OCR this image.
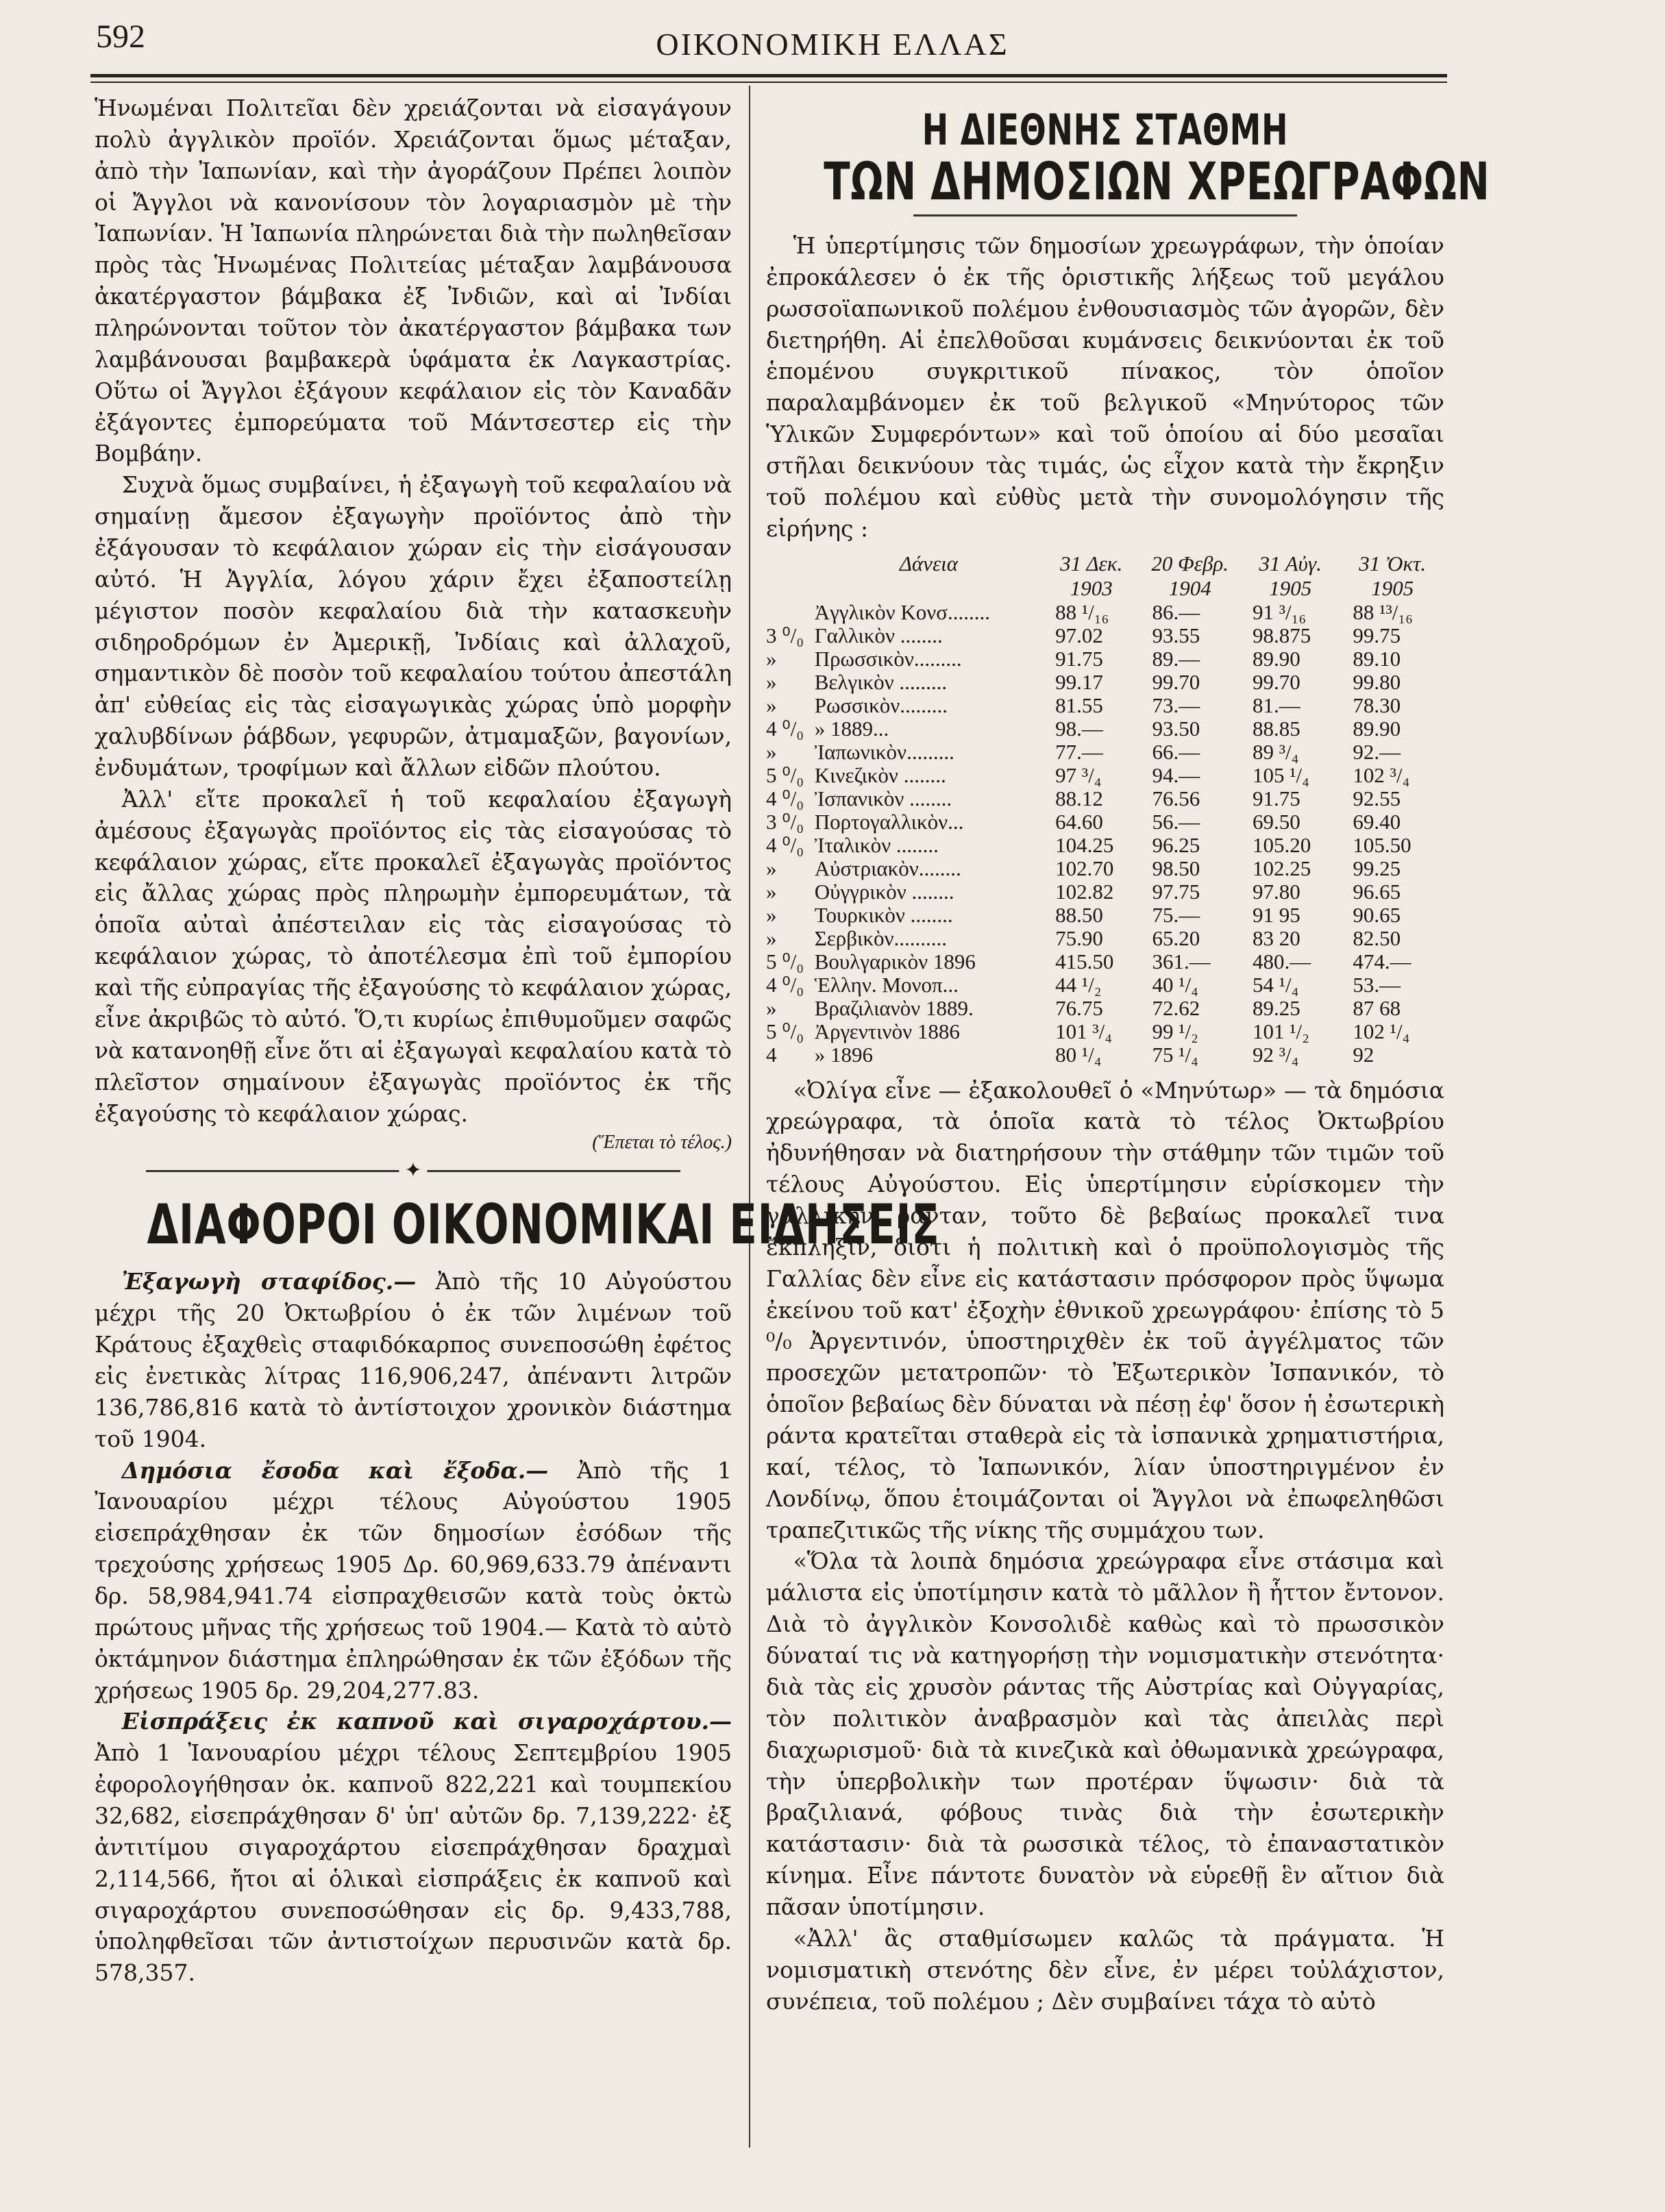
592	ΟΙΚΟΝΟΜΙΚΗ ΕΛΛΑΣ

Ἡνωμέναι Πολιτεῖαι δὲν χρειάζονται νὰ εἰσαγάγουν πολὺ ἀγγλικὸν προϊόν. Χρειάζονται ὅμως μέταξαν, ἀπὸ τὴν Ἰαπωνίαν, καὶ τὴν ἀγοράζουν Πρέπει λοιπὸν οἱ Ἄγγλοι νὰ κανονίσουν τὸν λογαριασμὸν μὲ τὴν Ἰαπωνίαν. Ἡ Ἰαπωνία πληρώνεται διὰ τὴν πωληθεῖσαν πρὸς τὰς Ἡνωμένας Πολιτείας μέταξαν λαμβάνουσα ἀκατέργαστον βάμβακα ἐξ Ἰνδιῶν, καὶ αἱ Ἰνδίαι πληρώνονται τοῦτον τὸν ἀκατέργαστον βάμβακα των λαμβάνουσαι βαμβακερὰ ὑφάματα ἐκ Λαγκαστρίας. Οὕτω οἱ Ἄγγλοι ἐξάγουν κεφάλαιον εἰς τὸν Καναδᾶν ἐξάγοντες ἐμπορεύματα τοῦ Μάντσεστερ εἰς τὴν Βομβάην.

Συχνὰ ὅμως συμβαίνει, ἡ ἐξαγωγὴ τοῦ κεφαλαίου νὰ σημαίνῃ ἄμεσον ἐξαγωγὴν προϊόντος ἀπὸ τὴν ἐξάγουσαν τὸ κεφάλαιον χώραν εἰς τὴν εἰσάγουσαν αὐτό. Ἡ Ἀγγλία, λόγου χάριν ἔχει ἐξαποστείλῃ μέγιστον ποσὸν κεφαλαίου διὰ τὴν κατασκευὴν σιδηροδρόμων ἐν Ἀμερικῇ, Ἰνδίαις καὶ ἀλλαχοῦ, σημαντικὸν δὲ ποσὸν τοῦ κεφαλαίου τούτου ἀπεστάλη ἀπ' εὐθείας εἰς τὰς εἰσαγωγικὰς χώρας ὑπὸ μορφὴν χαλυβδίνων ῥάβδων, γεφυρῶν, ἀτμαμαξῶν, βαγονίων, ἐνδυμάτων, τροφίμων καὶ ἄλλων εἰδῶν πλούτου.

Ἀλλ' εἴτε προκαλεῖ ἡ τοῦ κεφαλαίου ἐξαγωγὴ ἀμέσους ἐξαγωγὰς προϊόντος εἰς τὰς εἰσαγούσας τὸ κεφάλαιον χώρας, εἴτε προκαλεῖ ἐξαγωγὰς προϊόντος εἰς ἄλλας χώρας πρὸς πληρωμὴν ἐμπορευμάτων, τὰ ὁποῖα αὐταὶ ἀπέστειλαν εἰς τὰς εἰσαγούσας τὸ κεφάλαιον χώρας, τὸ ἀποτέλεσμα ἐπὶ τοῦ ἐμπορίου καὶ τῆς εὐπραγίας τῆς ἐξαγούσης τὸ κεφάλαιον χώρας, εἶνε ἀκριβῶς τὸ αὐτό. Ὅ,τι κυρίως ἐπιθυμοῦμεν σαφῶς νὰ κατανοηθῇ εἶνε ὅτι αἱ ἐξαγωγαὶ κεφαλαίου κατὰ τὸ πλεῖστον σημαίνουν ἐξαγωγὰς προϊόντος ἐκ τῆς ἐξαγούσης τὸ κεφάλαιον χώρας.

(Ἕπεται τὸ τέλος.)
✦
ΔΙΑΦΟΡΟΙ ΟΙΚΟΝΟΜΙΚΑΙ ΕΙΔΗΣΕΙΣ

Ἐξαγωγὴ σταφίδος.— Ἀπὸ τῆς 10 Αὐγούστου μέχρι τῆς 20 Ὀκτωβρίου ὁ ἐκ τῶν λιμένων τοῦ Κράτους ἐξαχθεὶς σταφιδόκαρπος συνεποσώθη ἐφέτος εἰς ἐνετικὰς λίτρας 116,906,247, ἀπέναντι λιτρῶν 136,786,816 κατὰ τὸ ἀντίστοιχον χρονικὸν διάστημα τοῦ 1904.

Δημόσια ἔσοδα καὶ ἔξοδα.— Ἀπὸ τῆς 1 Ἰανουαρίου μέχρι τέλους Αὐγούστου 1905 εἰσεπράχθησαν ἐκ τῶν δημοσίων ἐσόδων τῆς τρεχούσης χρήσεως 1905 Δρ. 60,969,633.79 ἀπέναντι δρ. 58,984,941.74 εἰσπραχθεισῶν κατὰ τοὺς ὀκτὼ πρώτους μῆνας τῆς χρήσεως τοῦ 1904.— Κατὰ τὸ αὐτὸ ὀκτάμηνον διάστημα ἐπληρώθησαν ἐκ τῶν ἐξόδων τῆς χρήσεως 1905 δρ. 29,204,277.83.

Εἰσπράξεις ἐκ καπνοῦ καὶ σιγαροχάρτου.— Ἀπὸ 1 Ἰανουαρίου μέχρι τέλους Σεπτεμβρίου 1905 ἐφορολογήθησαν ὀκ. καπνοῦ 822,221 καὶ τουμπεκίου 32,682, εἰσεπράχθησαν δ' ὑπ' αὐτῶν δρ. 7,139,222· ἐξ ἀντιτίμου σιγαροχάρτου εἰσεπράχθησαν δραχμαὶ 2,114,566, ἤτοι αἱ ὁλικαὶ εἰσπράξεις ἐκ καπνοῦ καὶ σιγαροχάρτου συνεποσώθησαν εἰς δρ. 9,433,788, ὑποληφθεῖσαι τῶν ἀντιστοίχων περυσινῶν κατὰ δρ. 578,357.

Η ΔΙΕΘΝΗΣ ΣΤΑΘΜΗ
ΤΩΝ ΔΗΜΟΣΙΩΝ ΧΡΕΩΓΡΑΦΩΝ

Ἡ ὑπερτίμησις τῶν δημοσίων χρεωγράφων, τὴν ὁποίαν ἐπροκάλεσεν ὁ ἐκ τῆς ὁριστικῆς λήξεως τοῦ μεγάλου ρωσσοϊαπωνικοῦ πολέμου ἐνθουσιασμὸς τῶν ἀγορῶν, δὲν διετηρήθη. Αἱ ἐπελθοῦσαι κυμάνσεις δεικνύονται ἐκ τοῦ ἑπομένου συγκριτικοῦ πίνακος, τὸν ὁποῖον παραλαμβάνομεν ἐκ τοῦ βελγικοῦ «Μηνύτορος τῶν Ὑλικῶν Συμφερόντων» καὶ τοῦ ὁποίου αἱ δύο μεσαῖαι στῆλαι δεικνύουν τὰς τιμάς, ὡς εἶχον κατὰ τὴν ἔκρηξιν τοῦ πολέμου καὶ εὐθὺς μετὰ τὴν συνομολόγησιν τῆς εἰρήνης :

	Δάνεια	31 Δεκ.	20 Φεβρ.	31 Αὐγ.	31 Ὀκτ.
		1903	1904	1905	1905
	Ἀγγλικὸν Κονσ........	88 ¹/₁₆	86.—	91 ³/₁₆	88 ¹³/₁₆
3 ⁰/₀	Γαλλικὸν ........	97.02	93.55	98.875	99.75
»	Πρωσσικὸν.........	91.75	89.—	89.90	89.10
»	Βελγικὸν .........	99.17	99.70	99.70	99.80
»	Ρωσσικὸν.........	81.55	73.—	81.—	78.30
4 ⁰/₀	» 1889...	98.—	93.50	88.85	89.90
»	Ἰαπωνικὸν.........	77.—	66.—	89 ³/₄	92.—
5 ⁰/₀	Κινεζικὸν ........	97 ³/₄	94.—	105 ¹/₄	102 ³/₄
4 ⁰/₀	Ἰσπανικὸν ........	88.12	76.56	91.75	92.55
3 ⁰/₀	Πορτογαλλικὸν...	64.60	56.—	69.50	69.40
4 ⁰/₀	Ἰταλικὸν ........	104.25	96.25	105.20	105.50
»	Αὐστριακὸν........	102.70	98.50	102.25	99.25
»	Οὐγγρικὸν ........	102.82	97.75	97.80	96.65
»	Τουρκικὸν ........	88.50	75.—	91 95	90.65
»	Σερβικὸν..........	75.90	65.20	83 20	82.50
5 ⁰/₀	Βουλγαρικὸν 1896	415.50	361.—	480.—	474.—
4 ⁰/₀	Ἑλλην. Μονοπ...	44 ¹/₂	40 ¹/₄	54 ¹/₄	53.—
»	Βραζιλιανὸν 1889.	76.75	72.62	89.25	87 68
5 ⁰/₀	Ἀργεντινὸν 1886	101 ³/₄	99 ¹/₂	101 ¹/₂	102 ¹/₄
4	» 1896	80 ¹/₄	75 ¹/₄	92 ³/₄	92

«Ὀλίγα εἶνε — ἐξακολουθεῖ ὁ «Μηνύτωρ» — τὰ δημόσια χρεώγραφα, τὰ ὁποῖα κατὰ τὸ τέλος Ὀκτωβρίου ἠδυνήθησαν νὰ διατηρήσουν τὴν στάθμην τῶν τιμῶν τοῦ τέλους Αὐγούστου. Εἰς ὑπερτίμησιν εὑρίσκομεν τὴν γαλλικὴν ράνταν, τοῦτο δὲ βεβαίως προκαλεῖ τινα ἔκπληξιν, διότι ἡ πολιτικὴ καὶ ὁ προϋπολογισμὸς τῆς Γαλλίας δὲν εἶνε εἰς κατάστασιν πρόσφορον πρὸς ὕψωμα ἐκείνου τοῦ κατ' ἐξοχὴν ἐθνικοῦ χρεωγράφου· ἐπίσης τὸ 5 ⁰/₀ Ἀργεντινόν, ὑποστηριχθὲν ἐκ τοῦ ἀγγέλματος τῶν προσεχῶν μετατροπῶν· τὸ Ἐξωτερικὸν Ἰσπανικόν, τὸ ὁποῖον βεβαίως δὲν δύναται νὰ πέσῃ ἐφ' ὅσον ἡ ἐσωτερικὴ ράντα κρατεῖται σταθερὰ εἰς τὰ ἰσπανικὰ χρηματιστήρια, καί, τέλος, τὸ Ἰαπωνικόν, λίαν ὑποστηριγμένον ἐν Λονδίνῳ, ὅπου ἑτοιμάζονται οἱ Ἄγγλοι νὰ ἐπωφεληθῶσι τραπεζιτικῶς τῆς νίκης τῆς συμμάχου των.

«Ὅλα τὰ λοιπὰ δημόσια χρεώγραφα εἶνε στάσιμα καὶ μάλιστα εἰς ὑποτίμησιν κατὰ τὸ μᾶλλον ἢ ἧττον ἔντονον. Διὰ τὸ ἀγγλικὸν Κονσολιδὲ καθὼς καὶ τὸ πρωσσικὸν δύναταί τις νὰ κατηγορήσῃ τὴν νομισματικὴν στενότητα· διὰ τὰς εἰς χρυσὸν ράντας τῆς Αὐστρίας καὶ Οὐγγαρίας, τὸν πολιτικὸν ἀναβρασμὸν καὶ τὰς ἀπειλὰς περὶ διαχωρισμοῦ· διὰ τὰ κινεζικὰ καὶ ὀθωμανικὰ χρεώγραφα, τὴν ὑπερβολικὴν των προτέραν ὕψωσιν· διὰ τὰ βραζιλιανά, φόβους τινὰς διὰ τὴν ἐσωτερικὴν κατάστασιν· διὰ τὰ ρωσσικὰ τέλος, τὸ ἐπαναστατικὸν κίνημα. Εἶνε πάντοτε δυνατὸν νὰ εὑρεθῇ ἓν αἴτιον διὰ πᾶσαν ὑποτίμησιν.

«Ἀλλ' ἂς σταθμίσωμεν καλῶς τὰ πράγματα. Ἡ νομισματικὴ στενότης δὲν εἶνε, ἐν μέρει τοὐλάχιστον, συνέπεια, τοῦ πολέμου ; Δὲν συμβαίνει τάχα τὸ αὐτὸ
